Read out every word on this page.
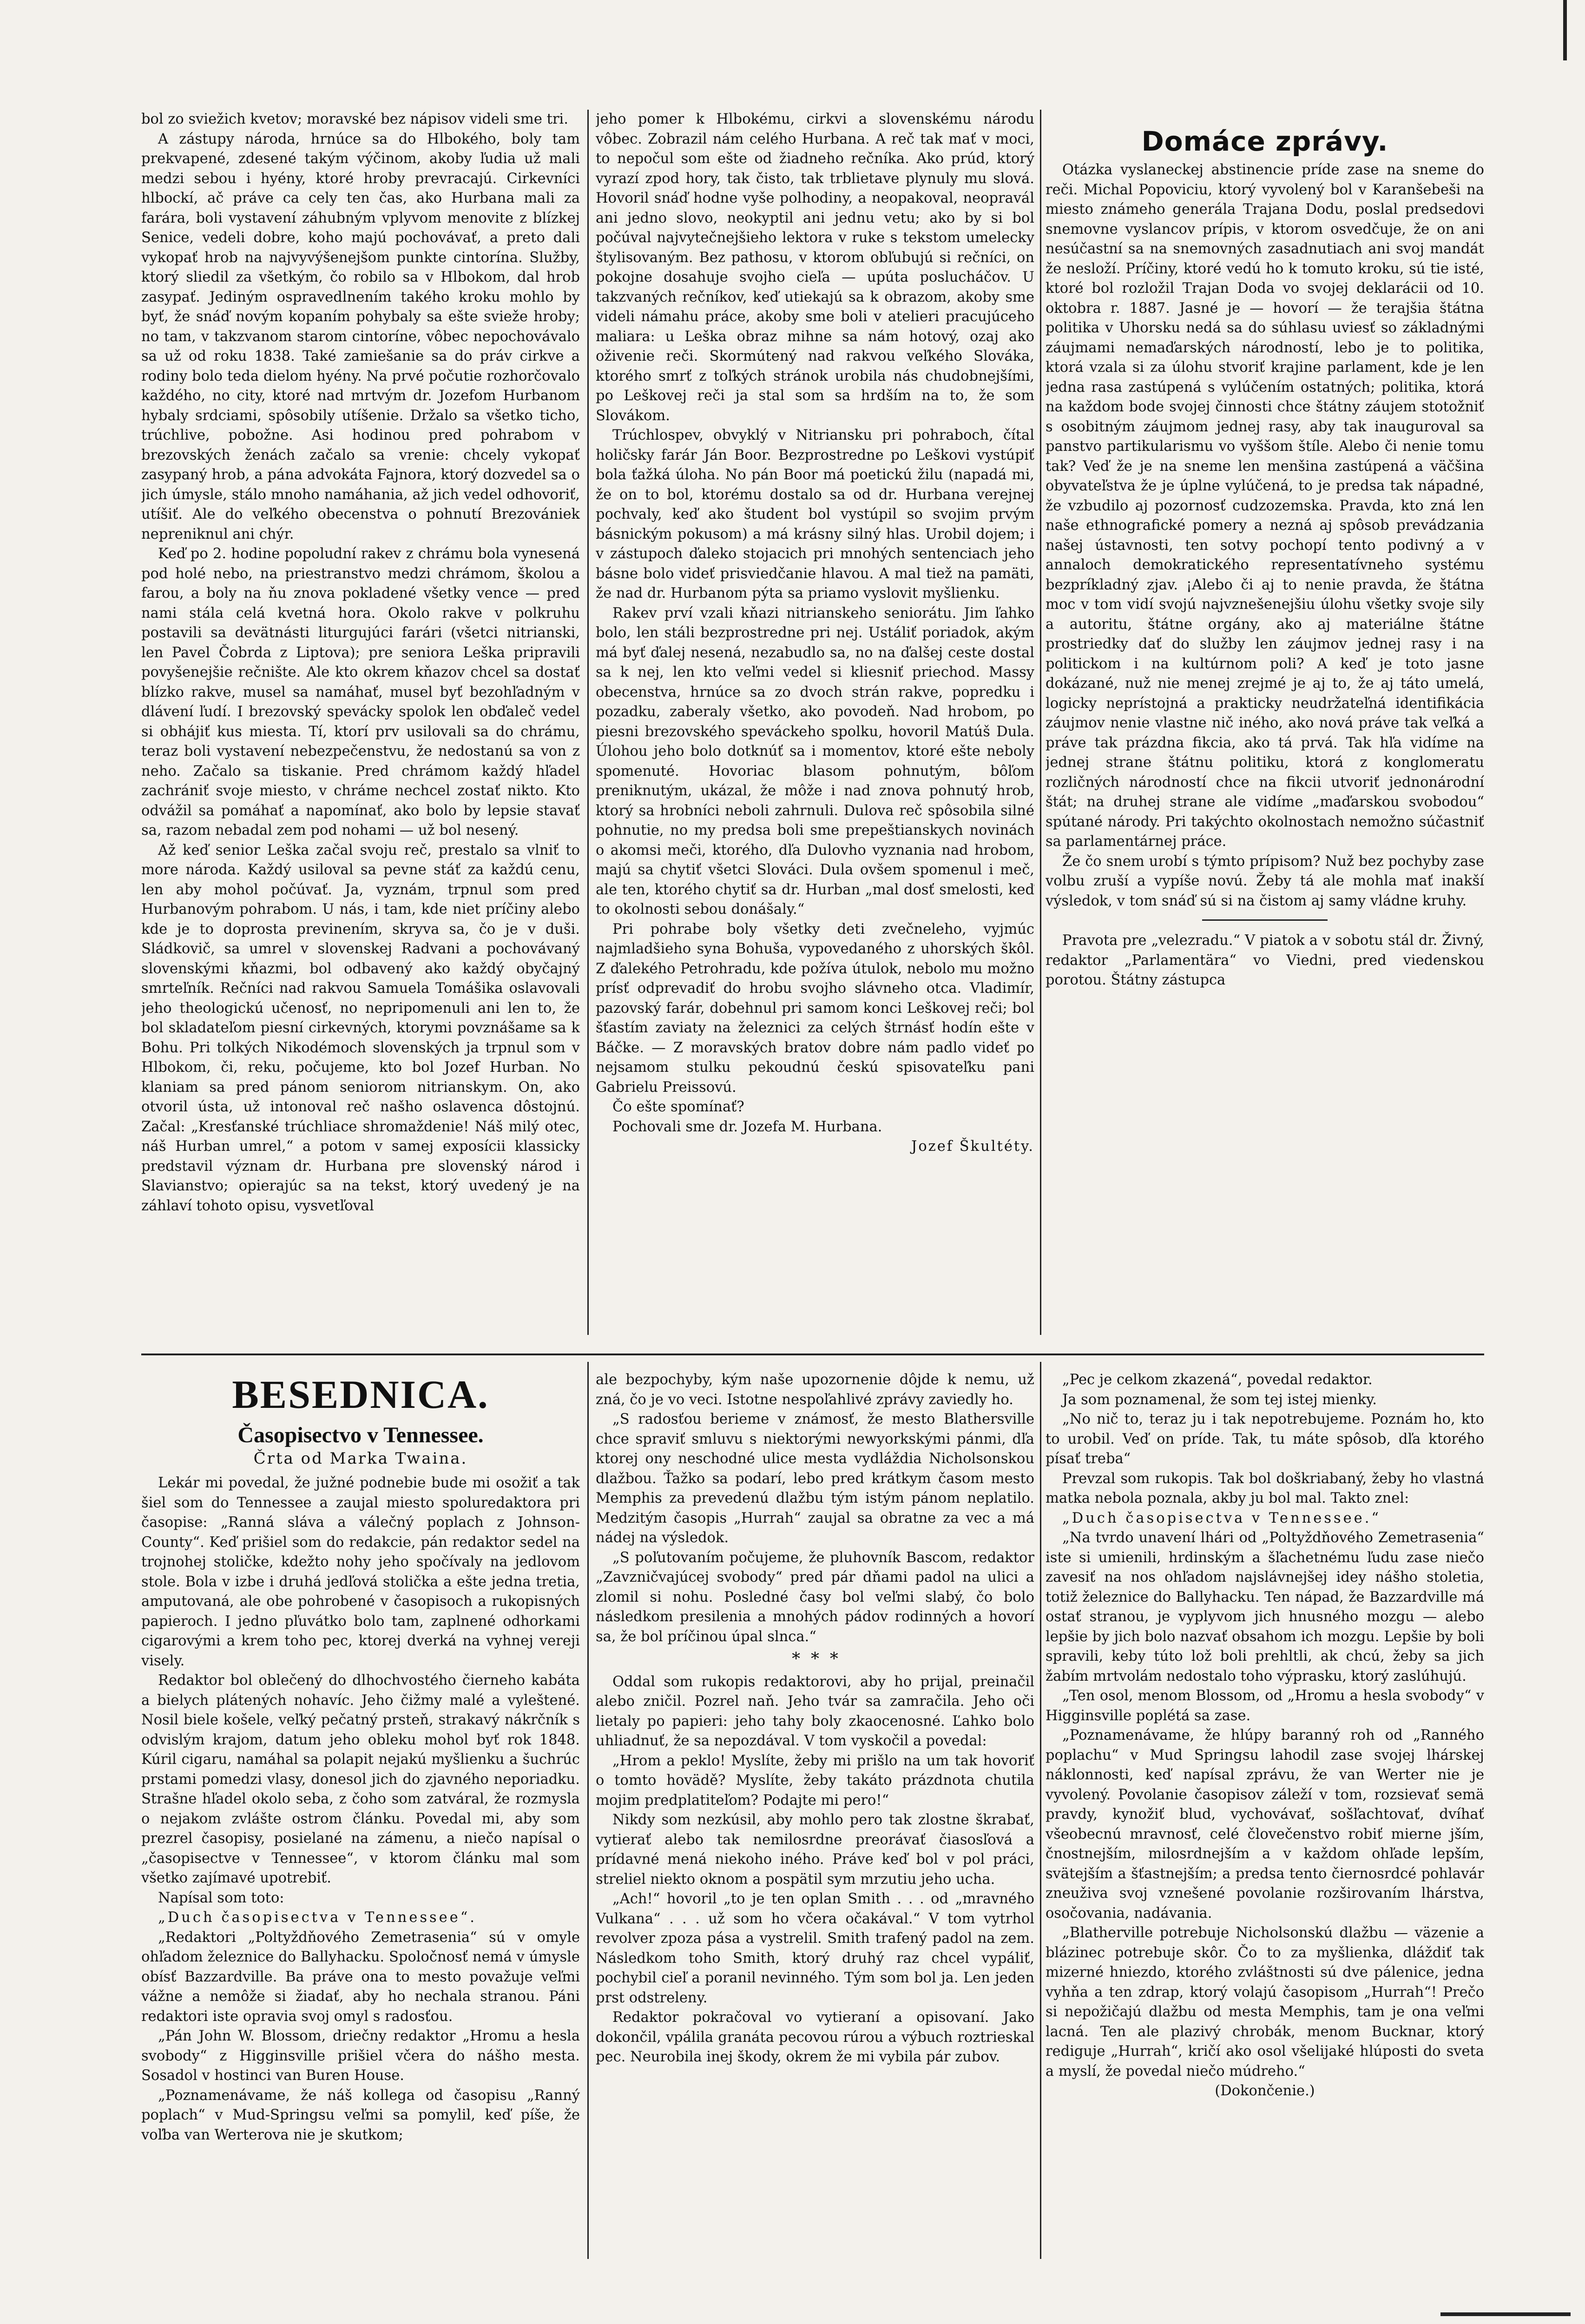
bol zo sviežich kvetov; moravské bez nápisov videli sme tri.

A zástupy národa, hrnúce sa do Hlbokého, boly tam prekvapené, zdesené takým výčinom, akoby ľudia už mali medzi sebou i hyény, ktoré hroby prevracajú. Cirkevníci hlbockí, ač práve ca cely ten čas, ako Hurbana mali za farára, boli vystavení záhubným vplyvom menovite z blízkej Senice, vedeli dobre, koho majú pochovávať, a preto dali vykopať hrob na najvyvýšenejšom punkte cintorína. Služby, ktorý sliedil za všetkým, čo robilo sa v Hlbokom, dal hrob zasypať. Jediným ospravedlnením takého kroku mohlo by byť, že snáď novým kopaním pohybaly sa ešte svieže hroby; no tam, v takzvanom starom cintoríne, vôbec nepochovávalo sa už od roku 1838. Také zamiešanie sa do práv cirkve a rodiny bolo teda dielom hyény. Na prvé počutie rozhorčovalo každého, no city, ktoré nad mrtvým dr. Jozefom Hurbanom hybaly srdciami, spôsobily utíšenie. Držalo sa všetko ticho, trúchlive, pobožne. Asi hodinou pred pohrabom v brezovských ženách začalo sa vrenie: chcely vykopať zasypaný hrob, a pána advokáta Fajnora, ktorý dozvedel sa o jich úmysle, stálo mnoho namáhania, až jich vedel odhovoriť, utíšiť. Ale do veľkého obecenstva o pohnutí Brezovániek nepreniknul ani chýr.

Keď po 2. hodine popoludní rakev z chrámu bola vynesená pod holé nebo, na priestranstvo medzi chrámom, školou a farou, a boly na ňu znova pokladené všetky vence — pred nami stála celá kvetná hora. Okolo rakve v polkruhu postavili sa devätnásti liturgujúci farári (všetci nitrianski, len Pavel Čobrda z Liptova); pre seniora Leška pripravili povyšenejšie rečnište. Ale kto okrem kňazov chcel sa dostať blízko rakve, musel sa namáhať, musel byť bezohľadným v dlávení ľudí. I brezovský spevácky spolok len obďaleč vedel si obhájiť kus miesta. Tí, ktorí prv usilovali sa do chrámu, teraz boli vystavení nebezpečenstvu, že nedostanú sa von z neho. Začalo sa tiskanie. Pred chrámom každý hľadel zachrániť svoje miesto, v chráme nechcel zostať nikto. Kto odvážil sa pomáhať a napomínať, ako bolo by lepsie stavať sa, razom nebadal zem pod nohami — už bol nesený.

Až keď senior Leška začal svoju reč, prestalo sa vlniť to more národa. Každý usiloval sa pevne stáť za každú cenu, len aby mohol počúvať. Ja, vyznám, trpnul som pred Hurbanovým pohrabom. U nás, i tam, kde niet príčiny alebo kde je to doprosta previnením, skryva sa, čo je v duši. Sládkovič, sa umrel v slovenskej Radvani a pochovávaný slovenskými kňazmi, bol odbavený ako každý obyčajný smrteľník. Rečníci nad rakvou Samuela Tomášika oslavovali jeho theologickú učenosť, no nepripomenuli ani len to, že bol skladateľom piesní cirkevných, ktorymi povznášame sa k Bohu. Pri tolkých Nikodémoch slovenských ja trpnul som v Hlbokom, či, reku, počujeme, kto bol Jozef Hurban. No klaniam sa pred pánom seniorom nitrianskym. On, ako otvoril ústa, už intonoval reč našho oslavenca dôstojnú. Začal: „Kresťanské trúchliace shromaždenie! Náš milý otec, náš Hurban umrel,“ a potom v samej exposícii klassicky predstavil význam dr. Hurbana pre slovenský národ i Slavianstvo; opierajúc sa na tekst, ktorý uvedený je na záhlaví tohoto opisu, vysvetľoval

jeho pomer k Hlbokému, cirkvi a slovenskému národu vôbec. Zobrazil nám celého Hurbana. A reč tak mať v moci, to nepočul som ešte od žiadneho rečníka. Ako prúd, ktorý vyrazí zpod hory, tak čisto, tak trblietave plynuly mu slová. Hovoril snáď hodne vyše polhodiny, a neopakoval, neopravál ani jedno slovo, neokyptil ani jednu vetu; ako by si bol počúval najvytečnejšieho lektora v ruke s tekstom umelecky štylisovaným. Bez pathosu, v ktorom obľubujú si rečníci, on pokojne dosahuje svojho cieľa — upúta poslucháčov. U takzvaných rečníkov, keď utiekajú sa k obrazom, akoby sme videli námahu práce, akoby sme boli v atelieri pracujúceho maliara: u Leška obraz mihne sa nám hotový, ozaj ako oživenie reči. Skormútený nad rakvou veľkého Slováka, ktorého smrť z toľkých stránok urobila nás chudobnejšími, po Leškovej reči ja stal som sa hrdším na to, že som Slovákom.

Trúchlospev, obvyklý v Nitriansku pri pohraboch, čítal holičsky farár Ján Boor. Bezprostredne po Leškovi vystúpiť bola ťažká úloha. No pán Boor má poetickú žilu (napadá mi, že on to bol, ktorému dostalo sa od dr. Hurbana verejnej pochvaly, keď ako študent bol vystúpil so svojim prvým básnickým pokusom) a má krásny silný hlas. Urobil dojem; i v zástupoch ďaleko stojacich pri mnohých sentenciach jeho básne bolo videť prisviedčanie hlavou. A mal tiež na pamäti, že nad dr. Hurbanom pýta sa priamo vyslovit myšlienku.

Rakev prví vzali kňazi nitrianskeho seniorátu. Jim ľahko bolo, len stáli bezprostredne pri nej. Ustáliť poriadok, akým má byť ďalej nesená, nezabudlo sa, no na ďalšej ceste dostal sa k nej, len kto veľmi vedel si kliesniť priechod. Massy obecenstva, hrnúce sa zo dvoch strán rakve, popredku i pozadku, zaberaly všetko, ako povodeň. Nad hrobom, po piesni brezovského speváckeho spolku, hovoril Matúš Dula. Úlohou jeho bolo dotknúť sa i momentov, ktoré ešte neboly spomenuté. Hovoriac blasom pohnutým, bôľom preniknutým, ukázal, že môže i nad znova pohnutý hrob, ktorý sa hrobníci neboli zahrnuli. Dulova reč spôsobila silné pohnutie, no my predsa boli sme prepeštianskych novinách o akomsi meči, ktorého, dľa Dulovho vyznania nad hrobom, majú sa chytiť všetci Slováci. Dula ovšem spomenul i meč, ale ten, ktorého chytiť sa dr. Hurban „mal dosť smelosti, keď to okolnosti sebou donášaly.“

Pri pohrabe boly všetky deti zvečneleho, vyjmúc najmladšieho syna Bohuša, vypovedaného z uhorských škôl. Z ďalekého Petrohradu, kde požíva útulok, nebolo mu možno prísť odprevadiť do hrobu svojho slávneho otca. Vladimír, pazovský farár, dobehnul pri samom konci Leškovej reči; bol šťastím zaviaty na železnici za celých štrnásť hodín ešte v Báčke. — Z moravských bratov dobre nám padlo videť po nejsamom stulku pekoudnú českú spisovateľku pani Gabrielu Preissovú.

Čo ešte spomínať?

Pochovali sme dr. Jozefa M. Hurbana.

Jozef Škultéty.

Domáce zprávy.

Otázka vyslaneckej abstinencie príde zase na sneme do reči. Michal Popoviciu, ktorý vyvolený bol v Karanšebeši na miesto známeho generála Trajana Dodu, poslal predsedovi snemovne vyslancov prípis, v ktorom osvedčuje, že on ani nesúčastní sa na snemovných zasadnutiach ani svoj mandát že nesloží. Príčiny, ktoré vedú ho k tomuto kroku, sú tie isté, ktoré bol rozložil Trajan Doda vo svojej deklarácii od 10. oktobra r. 1887. Jasné je — hovorí — že terajšia štátna politika v Uhorsku nedá sa do súhlasu uviesť so základnými záujmami nemaďarských národností, lebo je to politika, ktorá vzala si za úlohu stvoriť krajine parlament, kde je len jedna rasa zastúpená s vylúčením ostatných; politika, ktorá na každom bode svojej činnosti chce štátny záujem stotožniť s osobitným záujmom jednej rasy, aby tak inauguroval sa panstvo partikularismu vo vyššom štíle. Alebo či nenie tomu tak? Veď že je na sneme len menšina zastúpená a väčšina obyvateľstva že je úplne vylúčená, to je predsa tak nápadné, že vzbudilo aj pozornosť cudzozemska. Pravda, kto zná len naše ethnografické pomery a nezná aj spôsob prevádzania našej ústavnosti, ten sotvy pochopí tento podivný a v annaloch demokratického representatívneho systému bezpríkladný zjav. ¡Alebo či aj to nenie pravda, že štátna moc v tom vidí svojú najvznešenejšiu úlohu všetky svoje sily a autoritu, štátne orgány, ako aj materiálne štátne prostriedky dať do služby len záujmov jednej rasy i na politickom i na kultúrnom poli? A keď je toto jasne dokázané, nuž nie menej zrejmé je aj to, že aj táto umelá, logicky neprístojná a prakticky neudržateľná identifikácia záujmov nenie vlastne nič iného, ako nová práve tak veľká a práve tak prázdna fikcia, ako tá prvá. Tak hľa vidíme na jednej strane štátnu politiku, ktorá z konglomeratu rozličných národností chce na fikcii utvoriť jednonárodní štát; na druhej strane ale vidíme „maďarskou svobodou“ spútané národy. Pri takýchto okolnostach nemožno súčastniť sa parlamentárnej práce.

Že čo snem urobí s týmto prípisom? Nuž bez pochyby zase volbu zruší a vypíše novú. Žeby tá ale mohla mať inakší výsledok, v tom snáď sú si na čistom aj samy vládne kruhy.

Pravota pre „velezradu.“ V piatok a v sobotu stál dr. Živný, redaktor „Parlamentära“ vo Viedni, pred viedenskou porotou. Štátny zástupca

BESEDNICA.
Časopisectvo v Tennessee.
Črta od Marka Twaina.

Lekár mi povedal, že južné podnebie bude mi osožiť a tak šiel som do Tennessee a zaujal miesto spoluredaktora pri časopise: „Ranná sláva a válečný poplach z Johnson-County“. Keď prišiel som do redakcie, pán redaktor sedel na trojnohej stoličke, kdežto nohy jeho spočívaly na jedlovom stole. Bola v izbe i druhá jedľová stolička a ešte jedna tretia, amputovaná, ale obe pohrobené v časopisoch a rukopisných papieroch. I jedno pľuvátko bolo tam, zaplnené odhorkami cigarovými a krem toho pec, ktorej dverká na vyhnej vereji visely.

Redaktor bol oblečený do dlhochvostého čierneho kabáta a bielych plátených nohavíc. Jeho čižmy malé a vyleštené. Nosil biele košele, veľký pečatný prsteň, strakavý nákrčník s odvislým krajom, datum jeho obleku mohol byť rok 1848. Kúril cigaru, namáhal sa polapit nejakú myšlienku a šuchrúc prstami pomedzi vlasy, donesol jich do zjavného neporiadku. Strašne hľadel okolo seba, z čoho som zatváral, že rozmysla o nejakom zvlášte ostrom článku. Povedal mi, aby som prezrel časopisy, posielané na zámenu, a niečo napísal o „časopisectve v Tennessee“, v ktorom článku mal som všetko zajímavé upotrebiť.

Napísal som toto:

„Duch časopisectva v Tennessee“.

„Redaktori „Poltyždňového Zemetrasenia“ sú v omyle ohľadom železnice do Ballyhacku. Spoločnosť nemá v úmysle obísť Bazzardville. Ba práve ona to mesto považuje veľmi vážne a nemôže si žiadať, aby ho nechala stranou. Páni redaktori iste opravia svoj omyl s radosťou.

„Pán John W. Blossom, driečny redaktor „Hromu a hesla svobody“ z Higginsville prišiel včera do nášho mesta. Sosadol v hostinci van Buren House.

„Poznamenávame, že náš kollega od časopisu „Ranný poplach“ v Mud-Springsu veľmi sa pomylil, keď píše, že voľba van Werterova nie je skutkom;

ale bezpochyby, kým naše upozornenie dôjde k nemu, už zná, čo je vo veci. Istotne nespoľahlivé zprávy zaviedly ho.

„S radosťou berieme v známosť, že mesto Blathersville chce spraviť smluvu s niektorými newyorkskými pánmi, dľa ktorej ony neschodné ulice mesta vydláždia Nicholsonskou dlažbou. Ťažko sa podarí, lebo pred krátkym časom mesto Memphis za prevedenú dlažbu tým istým pánom neplatilo. Medzitým časopis „Hurrah“ zaujal sa obratne za vec a má nádej na výsledok.

„S poľutovaním počujeme, že pluhovník Bascom, redaktor „Zavzničvajúcej svobody“ pred pár dňami padol na ulici a zlomil si nohu. Posledné časy bol veľmi slabý, čo bolo následkom presilenia a mnohých pádov rodinných a hovorí sa, že bol príčinou úpal slnca.“

*  *  *

Oddal som rukopis redaktorovi, aby ho prijal, preinačil alebo zničil. Pozrel naň. Jeho tvár sa zamračila. Jeho oči lietaly po papieri: jeho tahy boly zkaocenosné. Ľahko bolo uhliadnuť, že sa nepozdával. V tom vyskočil a povedal:

„Hrom a peklo! Myslíte, žeby mi prišlo na um tak hovoriť o tomto hovädě? Myslíte, žeby takáto prázdnota chutila mojim predplatiteľom? Podajte mi pero!“

Nikdy som nezkúsil, aby mohlo pero tak zlostne škrabať, vytierať alebo tak nemilosrdne preorávať čiasosľová a prídavné mená niekoho iného. Práve keď bol v pol práci, streliel niekto oknom a pospätil sym mrzutiu jeho ucha.

„Ach!“ hovoril „to je ten oplan Smith . . . od „mravného Vulkana“ . . . už som ho včera očakával.“ V tom vytrhol revolver zpoza pása a vystrelil. Smith trafený padol na zem. Následkom toho Smith, ktorý druhý raz chcel vypáliť, pochybil cieľ a poranil nevinného. Tým som bol ja. Len jeden prst odstreleny.

Redaktor pokračoval vo vytieraní a opisovaní. Jako dokončil, vpálila granáta pecovou rúrou a výbuch roztrieskal pec. Neurobila inej škody, okrem že mi vybila pár zubov.

„Pec je celkom zkazená“, povedal redaktor.

Ja som poznamenal, že som tej istej mienky.

„No nič to, teraz ju i tak nepotrebujeme. Poznám ho, kto to urobil. Veď on príde. Tak, tu máte spôsob, dľa ktorého písať treba“

Prevzal som rukopis. Tak bol doškriabaný, žeby ho vlastná matka nebola poznala, akby ju bol mal. Takto znel:

„Duch časopisectva v Tennessee.“

„Na tvrdo unavení lhári od „Poltyždňového Zemetrasenia“ iste si umienili, hrdinským a šľachetnému ľudu zase niečo zavesiť na nos ohľadom najslávnejšej idey nášho stoletia, totiž železnice do Ballyhacku. Ten nápad, že Bazzardville má ostať stranou, je vyplyvom jich hnusného mozgu — alebo lepšie by jich bolo nazvať obsahom ich mozgu. Lepšie by boli spravili, keby túto lož boli prehltli, ak chcú, žeby sa jich žabím mrtvolám nedostalo toho výprasku, ktorý zaslúhujú.

„Ten osol, menom Blossom, od „Hromu a hesla svobody“ v Higginsville poplétá sa zase.

„Poznamenávame, že hlúpy baranný roh od „Ranného poplachu“ v Mud Springsu lahodil zase svojej lhárskej náklonnosti, keď napísal zprávu, že van Werter nie je vyvolený. Povolanie časopisov záleží v tom, rozsievať semä pravdy, kynožiť blud, vychovávať, sošľachtovať, dvíhať všeobecnú mravnosť, celé človečenstvo robiť mierne jším, čnostnejším, milosrdnejším a v každom ohľade lepším, svätejším a šťastnejším; a predsa tento čiernosrdcé pohlavár zneuživa svoj vznešené povolanie rozširovaním lhárstva, osočovania, nadávania.

„Blatherville potrebuje Nicholsonskú dlažbu — väzenie a blázinec potrebuje skôr. Čo to za myšlienka, dláždiť tak mizerné hniezdo, ktorého zvláštnosti sú dve pálenice, jedna vyhňa a ten zdrap, ktorý volajú časopisom „Hurrah“! Prečo si nepožičajú dlažbu od mesta Memphis, tam je ona veľmi lacná. Ten ale plazivý chrobák, menom Bucknar, ktorý rediguje „Hurrah“, kričí ako osol všelijaké hlúposti do sveta a myslí, že povedal niečo múdreho.“

(Dokončenie.)
